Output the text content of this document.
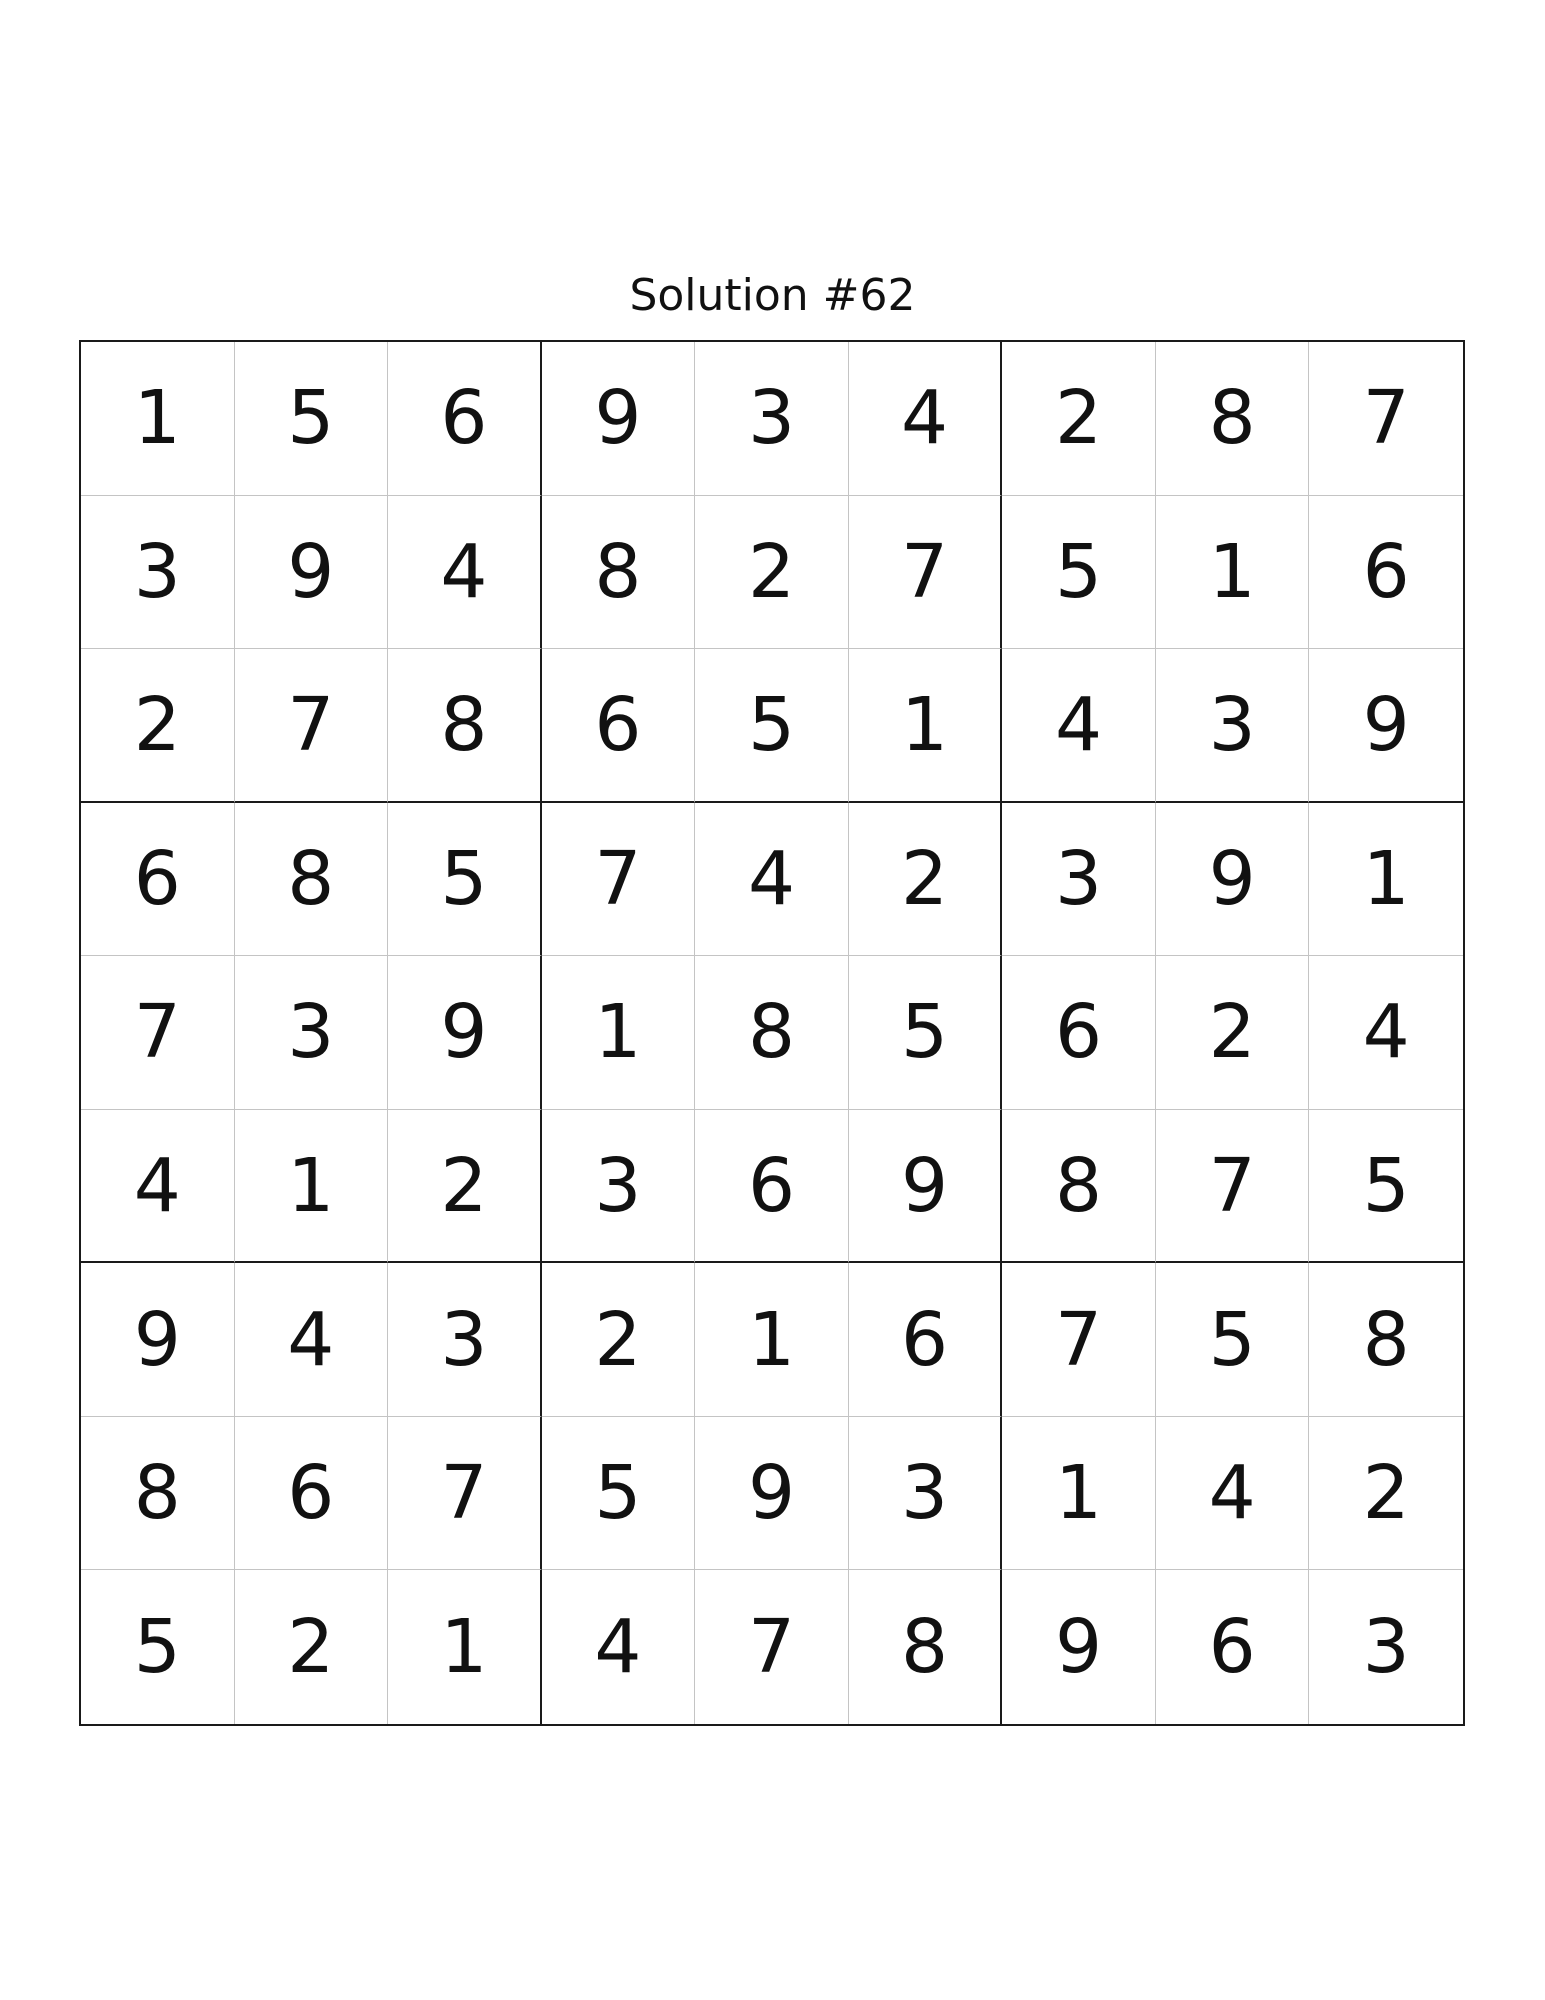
Solution #62
1	5	6	9	3	4	2	8	7
3	9	4	8	2	7	5	1	6
2	7	8	6	5	1	4	3	9
6	8	5	7	4	2	3	9	1
7	3	9	1	8	5	6	2	4
4	1	2	3	6	9	8	7	5
9	4	3	2	1	6	7	5	8
8	6	7	5	9	3	1	4	2
5	2	1	4	7	8	9	6	3
